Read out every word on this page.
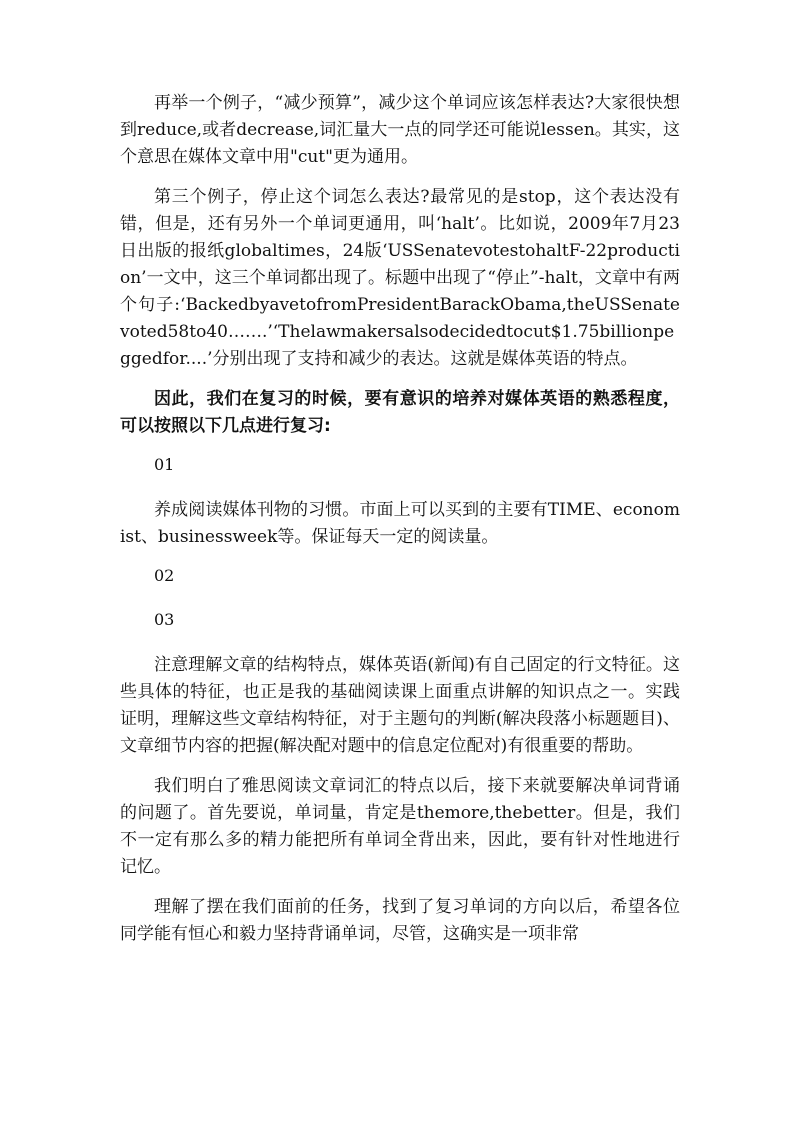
再举一个例子，“减少预算”，减少这个单词应该怎样表达?大家很快想到reduce,或者decrease,词汇量大一点的同学还可能说lessen。其实，这个意思在媒体文章中用"cut"更为通用。

第三个例子，停止这个词怎么表达?最常见的是stop，这个表达没有错，但是，还有另外一个单词更通用，叫‘halt’。比如说，2009年7月23日出版的报纸globaltimes，24版‘USSenatevotestohaltF-22production’一文中，这三个单词都出现了。标题中出现了“停止”-halt，文章中有两个句子:‘BackedbyavetofromPresidentBarackObama,theUSSenatevoted58to40…….’‘Thelawmakersalsodecidedtocut$1.75billionpeggedfor....’分别出现了支持和减少的表达。这就是媒体英语的特点。

因此，我们在复习的时候，要有意识的培养对媒体英语的熟悉程度，可以按照以下几点进行复习:

01

养成阅读媒体刊物的习惯。市面上可以买到的主要有TIME、economist、businessweek等。保证每天一定的阅读量。

02

03

注意理解文章的结构特点，媒体英语(新闻)有自己固定的行文特征。这些具体的特征，也正是我的基础阅读课上面重点讲解的知识点之一。实践证明，理解这些文章结构特征，对于主题句的判断(解决段落小标题题目)、文章细节内容的把握(解决配对题中的信息定位配对)有很重要的帮助。

我们明白了雅思阅读文章词汇的特点以后，接下来就要解决单词背诵的问题了。首先要说，单词量，肯定是themore,thebetter。但是，我们不一定有那么多的精力能把所有单词全背出来，因此，要有针对性地进行记忆。

理解了摆在我们面前的任务，找到了复习单词的方向以后，希望各位同学能有恒心和毅力坚持背诵单词，尽管，这确实是一项非常
